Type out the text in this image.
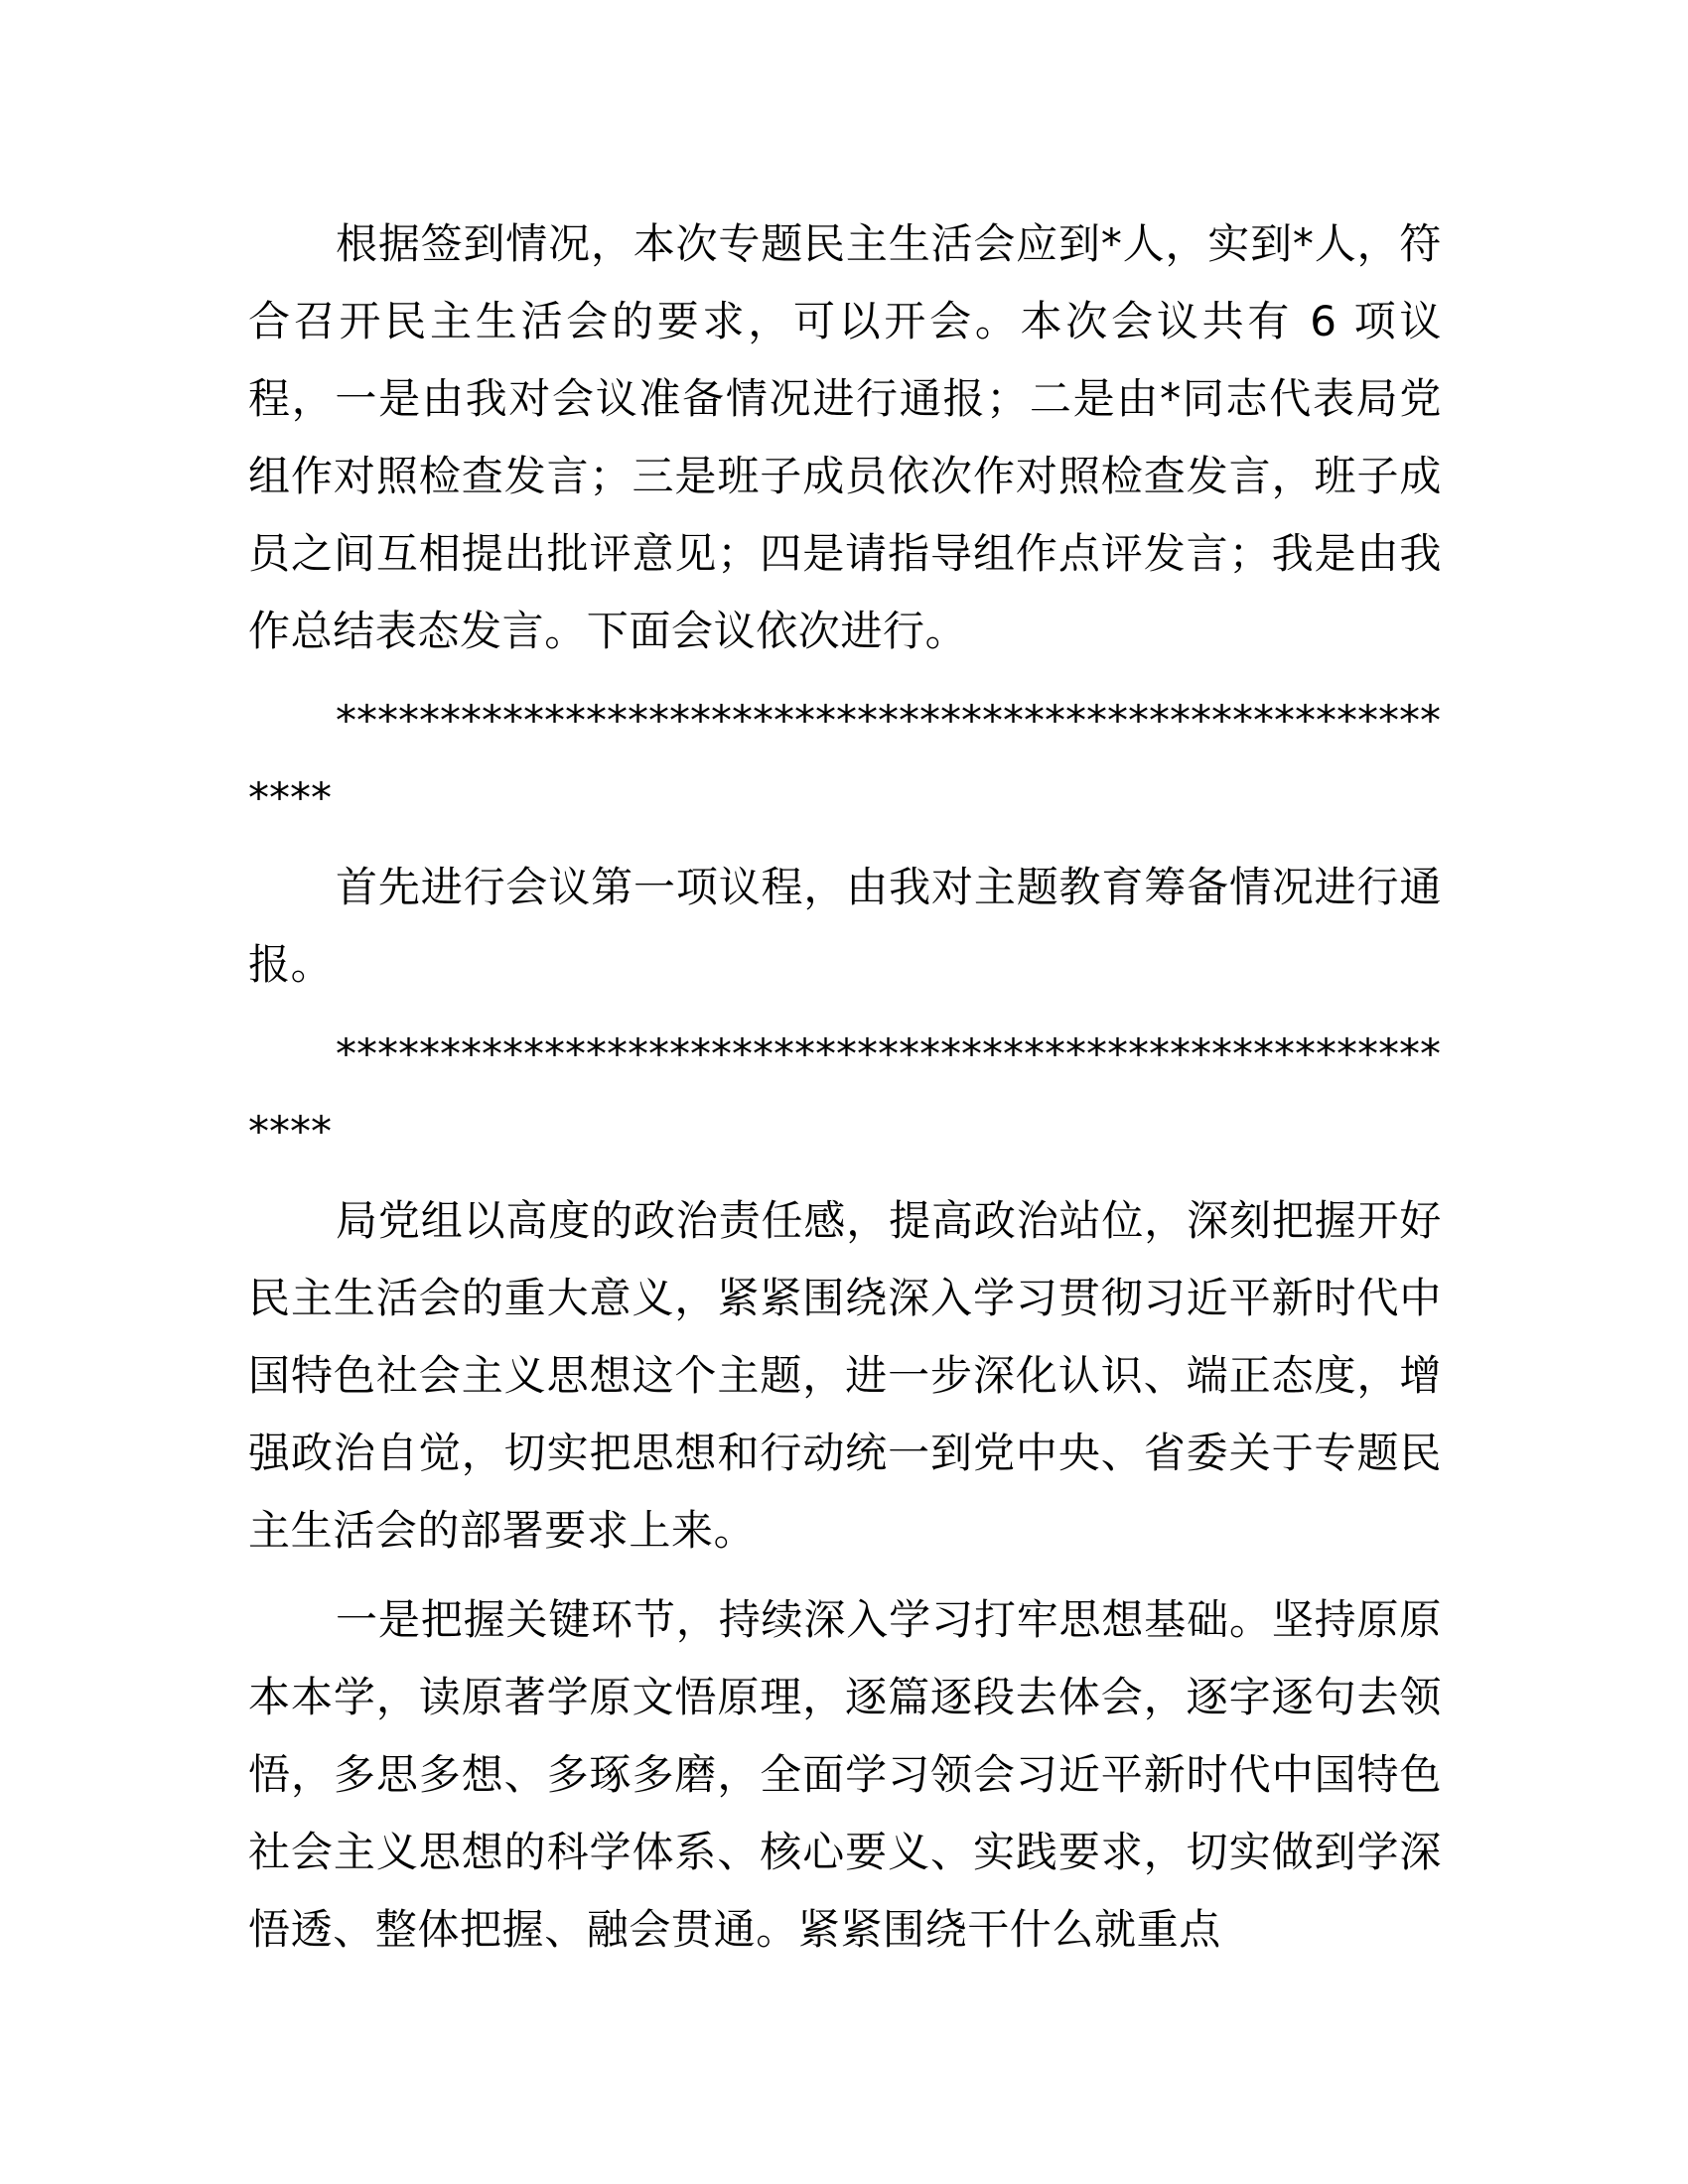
根据签到情况，本次专题民主生活会应到*人，实到*人，符合召开民主生活会的要求，可以开会。本次会议共有 6 项议程，一是由我对会议准备情况进行通报；二是由*同志代表局党组作对照检查发言；三是班子成员依次作对照检查发言，班子成员之间互相提出批评意见；四是请指导组作点评发言；我是由我作总结表态发言。下面会议依次进行。

*********************************************************

首先进行会议第一项议程，由我对主题教育筹备情况进行通报。

*********************************************************

局党组以高度的政治责任感，提高政治站位，深刻把握开好民主生活会的重大意义，紧紧围绕深入学习贯彻习近平新时代中国特色社会主义思想这个主题，进一步深化认识、端正态度，增强政治自觉，切实把思想和行动统一到党中央、省委关于专题民主生活会的部署要求上来。

一是把握关键环节，持续深入学习打牢思想基础。坚持原原本本学，读原著学原文悟原理，逐篇逐段去体会，逐字逐句去领悟，多思多想、多琢多磨，全面学习领会习近平新时代中国特色社会主义思想的科学体系、核心要义、实践要求，切实做到学深悟透、整体把握、融会贯通。紧紧围绕干什么就重点
